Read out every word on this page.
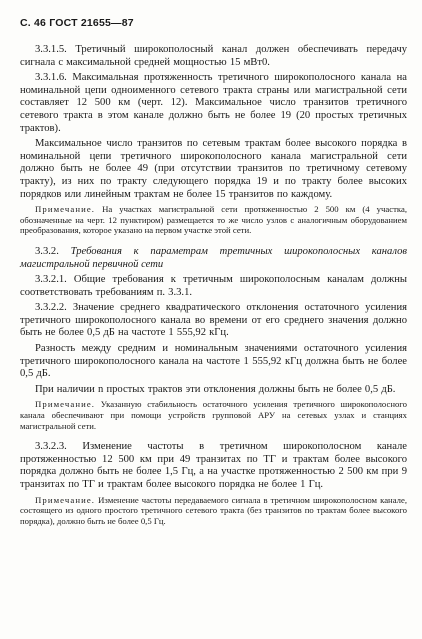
С. 46 ГОСТ 21655—87

3.3.1.5. Третичный широкополосный канал должен обеспечивать передачу сигнала с максимальной средней мощностью 15 мВт0.

3.3.1.6. Максимальная протяженность третичного широкополосного канала на номинальной цепи одноименного сетевого тракта страны или магистральной сети составляет 12 500 км (черт. 12). Максимальное число транзитов третичного сетевого тракта в этом канале должно быть не более 19 (20 простых третичных трактов).

Максимальное число транзитов по сетевым трактам более высокого порядка в номинальной цепи третичного широкополосного канала магистральной сети должно быть не более 49 (при отсутствии транзитов по третичному сетевому тракту), из них по тракту следующего порядка 19 и по тракту более высоких порядков или линейным трактам не более 15 транзитов по каждому.

Примечание. На участках магистральной сети протяженностью 2 500 км (4 участка, обозначенные на черт. 12 пунктиром) размещается то же число узлов с аналогичным оборудованием преобразования, которое указано на первом участке этой сети.

3.3.2. Требования к параметрам третичных широкополосных каналов магистральной первичной сети

3.3.2.1. Общие требования к третичным широкополосным каналам должны соответствовать требованиям п. 3.3.1.

3.3.2.2. Значение среднего квадратического отклонения остаточного усиления третичного широкополосного канала во времени от его среднего значения должно быть не более 0,5 дБ на частоте 1 555,92 кГц.

Разность между средним и номинальным значениями остаточного усиления третичного широкополосного канала на частоте 1 555,92 кГц должна быть не более 0,5 дБ.

При наличии n простых трактов эти отклонения должны быть не более 0,5 дБ.

Примечание. Указанную стабильность остаточного усиления третичного широкополосного канала обеспечивают при помощи устройств групповой АРУ на сетевых узлах и станциях магистральной сети.

3.3.2.3. Изменение частоты в третичном широкополосном канале протяженностью 12 500 км при 49 транзитах по ТГ и трактам более высокого порядка должно быть не более 1,5 Гц, а на участке протяженностью 2 500 км при 9 транзитах по ТГ и трактам более высокого порядка не более 1 Гц.

Примечание. Изменение частоты передаваемого сигнала в третичном широкополосном канале, состоящего из одного простого третичного сетевого тракта (без транзитов по трактам более высокого порядка), должно быть не более 0,5 Гц.
